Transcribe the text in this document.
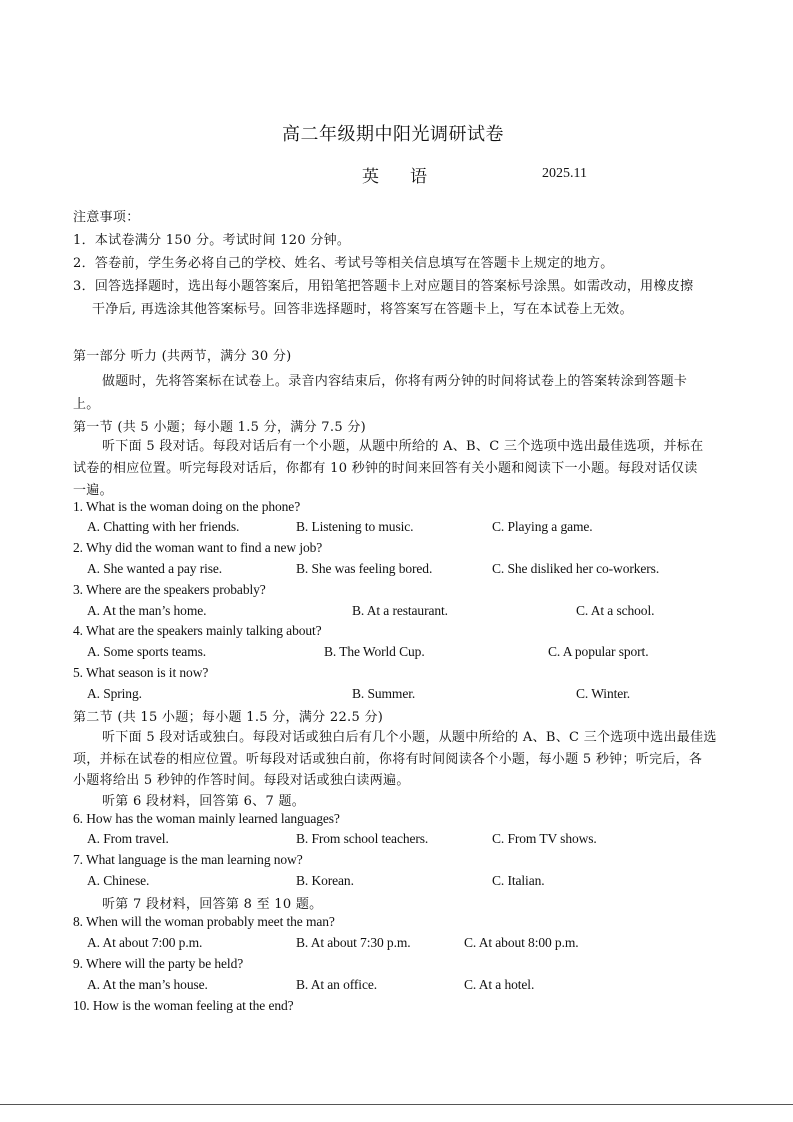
高二年级期中阳光调研试卷
英 语	2025.11
注意事项：
1．本试卷满分 150 分。考试时间 120 分钟。
2．答卷前，学生务必将自己的学校、姓名、考试号等相关信息填写在答题卡上规定的地方。
3．回答选择题时，选出每小题答案后，用铅笔把答题卡上对应题目的答案标号涂黑。如需改动，用橡皮擦
干净后, 再选涂其他答案标号。回答非选择题时，将答案写在答题卡上，写在本试卷上无效。
第一部分 听力 (共两节，满分 30 分)
做题时，先将答案标在试卷上。录音内容结束后，你将有两分钟的时间将试卷上的答案转涂到答题卡
上。
第一节 (共 5 小题；每小题 1.5 分，满分 7.5 分)
听下面 5 段对话。每段对话后有一个小题，从题中所给的 A、B、C 三个选项中选出最佳选项，并标在
试卷的相应位置。听完每段对话后，你都有 10 秒钟的时间来回答有关小题和阅读下一小题。每段对话仅读
一遍。
1. What is the woman doing on the phone?
A. Chatting with her friends.	B. Listening to music.	C. Playing a game.
2. Why did the woman want to find a new job?
A. She wanted a pay rise.	B. She was feeling bored.	C. She disliked her co-workers.
3. Where are the speakers probably?
A. At the man’s home.	B. At a restaurant.	C. At a school.
4. What are the speakers mainly talking about?
A. Some sports teams.	B. The World Cup.	C. A popular sport.
5. What season is it now?
A. Spring.	B. Summer.	C. Winter.
第二节 (共 15 小题；每小题 1.5 分，满分 22.5 分)
听下面 5 段对话或独白。每段对话或独白后有几个小题，从题中所给的 A、B、C 三个选项中选出最佳选
项，并标在试卷的相应位置。听每段对话或独白前，你将有时间阅读各个小题，每小题 5 秒钟；听完后，各
小题将给出 5 秒钟的作答时间。每段对话或独白读两遍。
听第 6 段材料，回答第 6、7 题。
6. How has the woman mainly learned languages?
A. From travel.	B. From school teachers.	C. From TV shows.
7. What language is the man learning now?
A. Chinese.	B. Korean.	C. Italian.
听第 7 段材料，回答第 8 至 10 题。
8. When will the woman probably meet the man?
A. At about 7:00 p.m.	B. At about 7:30 p.m.	C. At about 8:00 p.m.
9. Where will the party be held?
A. At the man’s house.	B. At an office.	C. At a hotel.
10. How is the woman feeling at the end?
